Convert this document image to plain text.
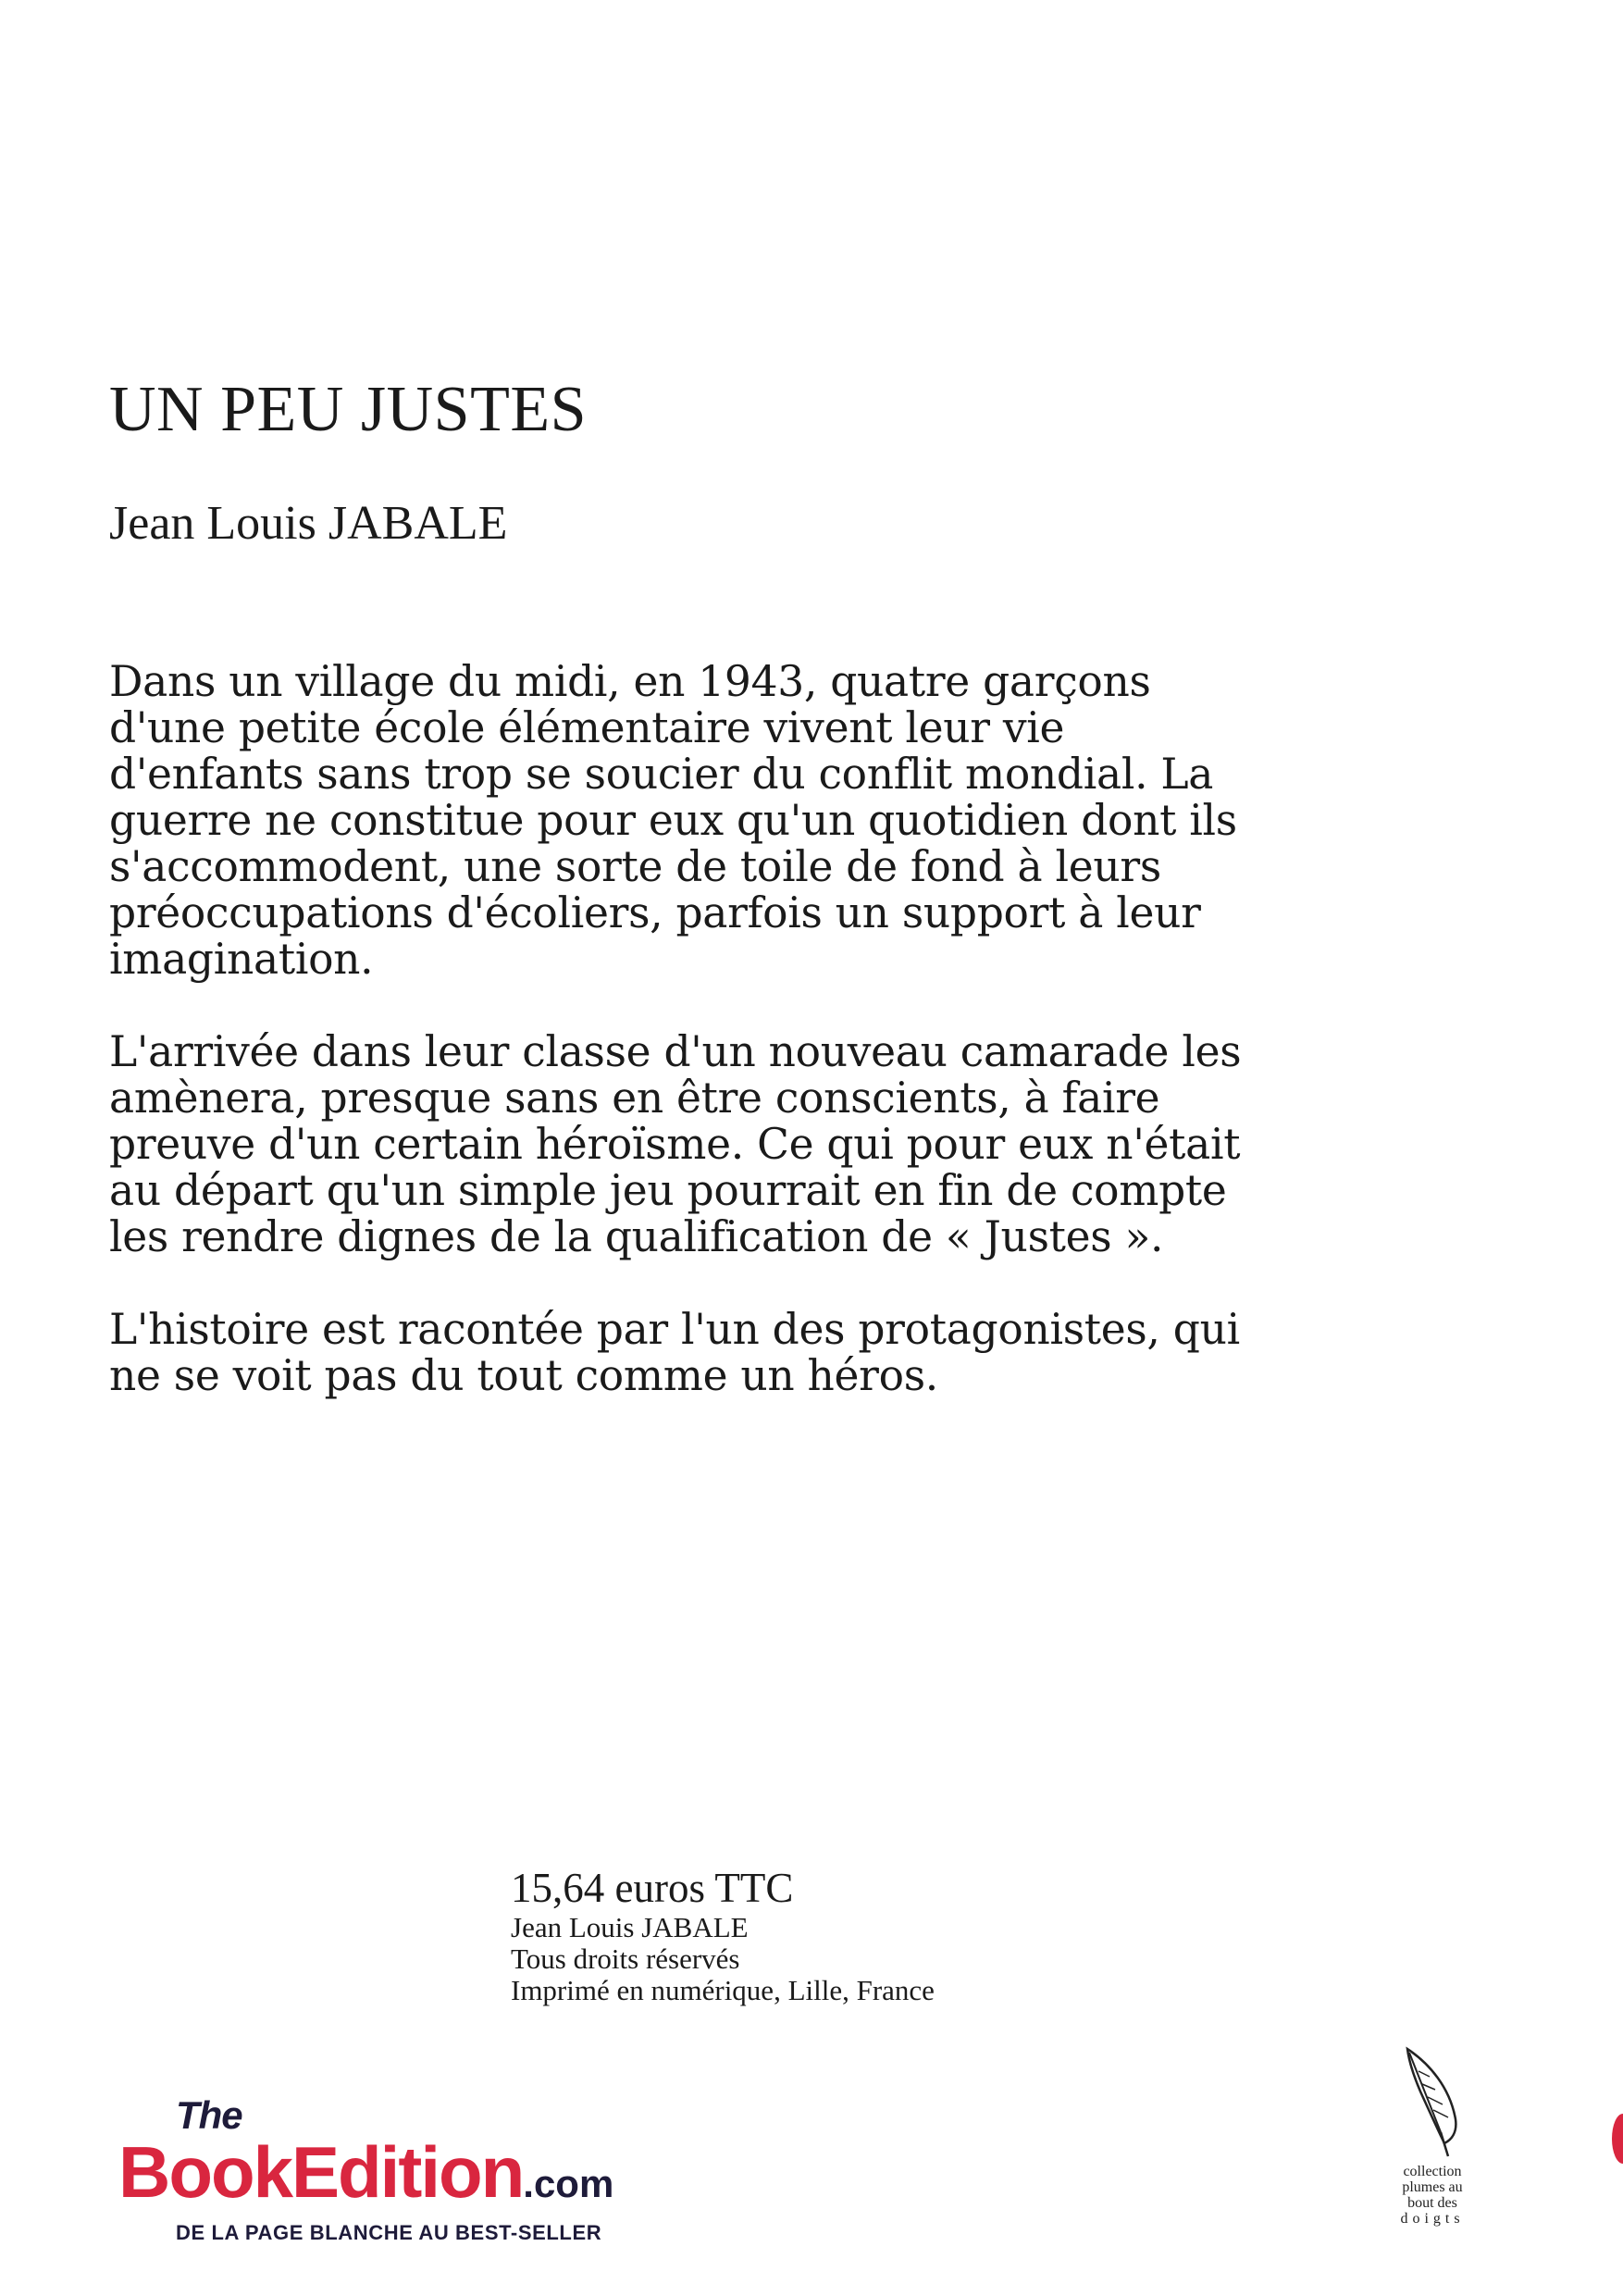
UN PEU JUSTES
Jean Louis JABALE

Dans un village du midi, en 1943, quatre garçons d'une petite école élémentaire vivent leur vie d'enfants sans trop se soucier du conflit mondial. La guerre ne constitue pour eux qu'un quotidien dont ils s'accommodent, une sorte de toile de fond à leurs préoccupations d'écoliers, parfois un support à leur imagination.

L'arrivée dans leur classe d'un nouveau camarade les amènera, presque sans en être conscients, à faire preuve d'un certain héroïsme. Ce qui pour eux n'était au départ qu'un simple jeu pourrait en fin de compte les rendre dignes de la qualification de « Justes ».

L'histoire est racontée par l'un des protagonistes, qui ne se voit pas du tout comme un héros.

15,64 euros TTC
Jean Louis JABALE
Tous droits réservés
Imprimé en numérique, Lille, France
The
BookEdition.com
DE LA PAGE BLANCHE AU BEST-SELLER
collection
plumes au
bout des
doigts
